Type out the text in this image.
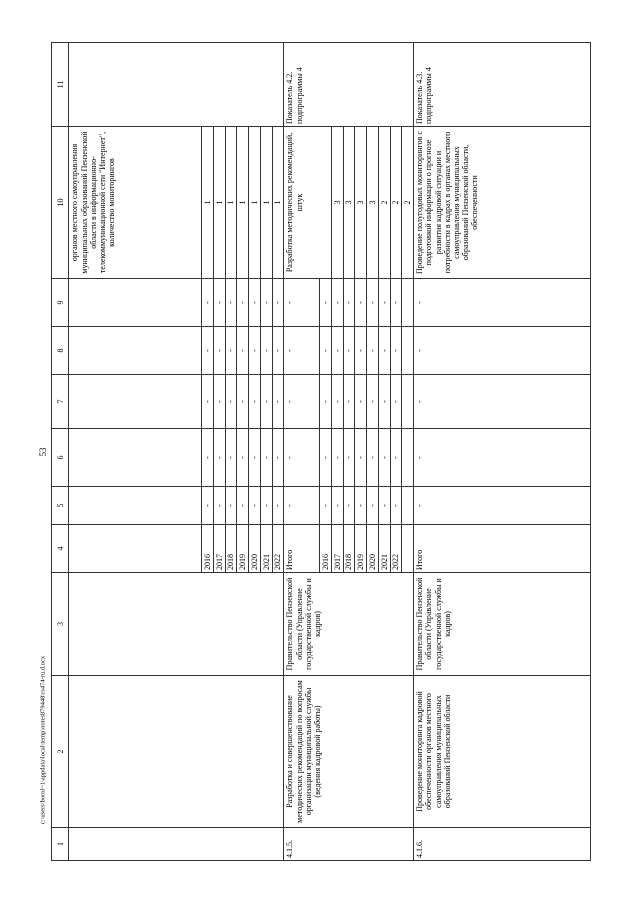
53
c:\users\borol~1\appdata\local\temp\notes879448\rs474-ru.d.ocx
1	2	3	4	5	6	7	8	9	10	11
									органов местного самоуправления муниципальных образований Пензенской области в информационно-телекоммуникационной сети "Интернет", количество мониторингов	
			2016	-	-	-	-	-	1	
			2017	-	-	-	-	-	1	
			2018	-	-	-	-	-	1	
			2019	-	-	-	-	-	1	
			2020	-	-	-	-	-	1	
			2021	-	-	-	-	-	1	
			2022	-	-	-	-	-	1	
4.1.5.	Разработка и совершенствование методических рекомендаций по вопросам организации муниципальной службы (ведения кадровой работы)	Правительство Пензенской области (Управление государственной службы и кадров)	Итого	-	-	-	-	-	Разработка методических рекомендаций, штук	Показатель 4.2. подпрограммы 4
			2016	-	-	-	-	-		
			2017	-	-	-	-	-	3	
			2018	-	-	-	-	-	3	
			2019	-	-	-	-	-	3	
			2020	-	-	-	-	-	3	
			2021	-	-	-	-	-	2	
			2022	-	-	-	-	-	2	
									2	
4.1.6.	Проведение мониторинга кадровой обеспеченности органов местного самоуправления муниципальных образований Пензенской области	Правительство Пензенской области (Управление государственной службы и кадров)	Итого	-	-	-	-	-	Проведение полугодовых мониторингов с подготовкой информации о прогнозе развития кадровой ситуации и потребности в кадрах в органах местного самоуправления муниципальных образований Пензенской области, обеспеченности	Показатель 4.3. подпрограммы 4
